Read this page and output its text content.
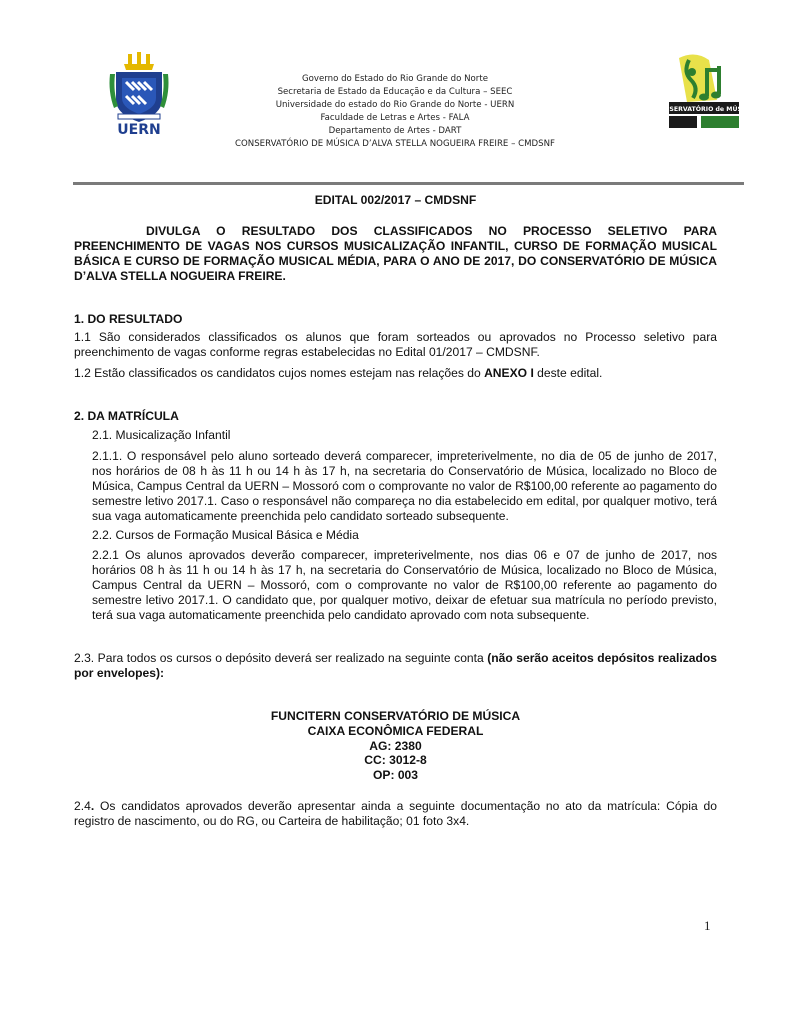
UERN
Governo do Estado do Rio Grande do Norte
Secretaria de Estado da Educação e da Cultura – SEEC
Universidade do estado do Rio Grande do Norte - UERN
Faculdade de Letras e Artes - FALA
Departamento de Artes - DART
CONSERVATÓRIO DE MÚSICA D’ALVA STELLA NOGUEIRA FREIRE – CMDSNF
CONSERVATÓRIO de MÚSICA

EDITAL 002/2017 – CMDSNF

DIVULGA O RESULTADO DOS CLASSIFICADOS NO PROCESSO SELETIVO PARA PREENCHIMENTO DE VAGAS NOS CURSOS MUSICALIZAÇÃO INFANTIL, CURSO DE FORMAÇÃO MUSICAL BÁSICA E CURSO DE FORMAÇÃO MUSICAL MÉDIA, PARA O ANO DE 2017, DO CONSERVATÓRIO DE MÚSICA D’ALVA STELLA NOGUEIRA FREIRE.

1. DO RESULTADO

1.1 São considerados classificados os alunos que foram sorteados ou aprovados no Processo seletivo para preenchimento de vagas conforme regras estabelecidas no Edital 01/2017 – CMDSNF.

1.2 Estão classificados os candidatos cujos nomes estejam nas relações do ANEXO I deste edital.

2. DA MATRÍCULA

2.1. Musicalização Infantil

2.1.1. O responsável pelo aluno sorteado deverá comparecer, impreterivelmente, no dia de 05 de junho de 2017, nos horários de 08 h às 11 h ou 14 h às 17 h, na secretaria do Conservatório de Música, localizado no Bloco de Música, Campus Central da UERN – Mossoró com o comprovante no valor de R$100,00 referente ao pagamento do semestre letivo 2017.1. Caso o responsável não compareça no dia estabelecido em edital, por qualquer motivo, terá sua vaga automaticamente preenchida pelo candidato sorteado subsequente.

2.2. Cursos de Formação Musical Básica e Média

2.2.1 Os alunos aprovados deverão comparecer, impreterivelmente, nos dias 06 e 07 de junho de 2017, nos horários 08 h às 11 h ou 14 h às 17 h, na secretaria do Conservatório de Música, localizado no Bloco de Música, Campus Central da UERN – Mossoró, com o comprovante no valor de R$100,00 referente ao pagamento do semestre letivo 2017.1. O candidato que, por qualquer motivo, deixar de efetuar sua matrícula no período previsto, terá sua vaga automaticamente preenchida pelo candidato aprovado com nota subsequente.

2.3. Para todos os cursos o depósito deverá ser realizado na seguinte conta (não serão aceitos depósitos realizados por envelopes):

FUNCITERN CONSERVATÓRIO DE MÚSICA
CAIXA ECONÔMICA FEDERAL
AG: 2380
CC: 3012-8
OP: 003

2.4. Os candidatos aprovados deverão apresentar ainda a seguinte documentação no ato da matrícula: Cópia do registro de nascimento, ou do RG, ou Carteira de habilitação; 01 foto 3x4.

1
